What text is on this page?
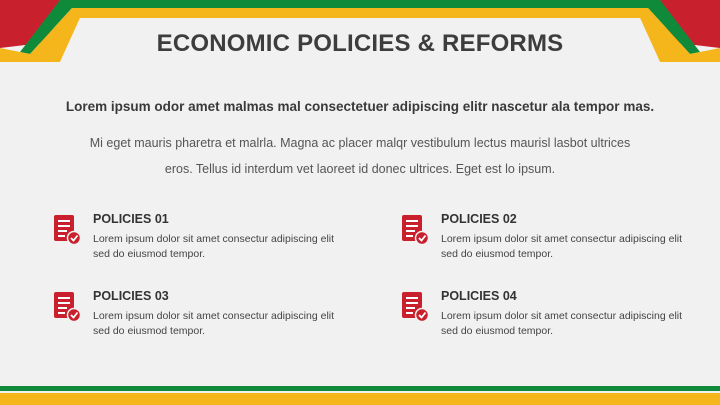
ECONOMIC POLICIES & REFORMS
Lorem ipsum odor amet malmas mal consectetuer adipiscing elitr nascetur ala tempor mas.
Mi eget mauris pharetra et malrla. Magna ac placer malqr vestibulum lectus maurisl lasbot ultrices eros. Tellus id interdum vet laoreet id donec ultrices. Eget est lo ipsum.
POLICIES 01
Lorem ipsum dolor sit amet consectur adipiscing elit sed do eiusmod tempor.
POLICIES 02
Lorem ipsum dolor sit amet consectur adipiscing elit sed do eiusmod tempor.
POLICIES 03
Lorem ipsum dolor sit amet consectur adipiscing elit sed do eiusmod tempor.
POLICIES 04
Lorem ipsum dolor sit amet consectur adipiscing elit sed do eiusmod tempor.
